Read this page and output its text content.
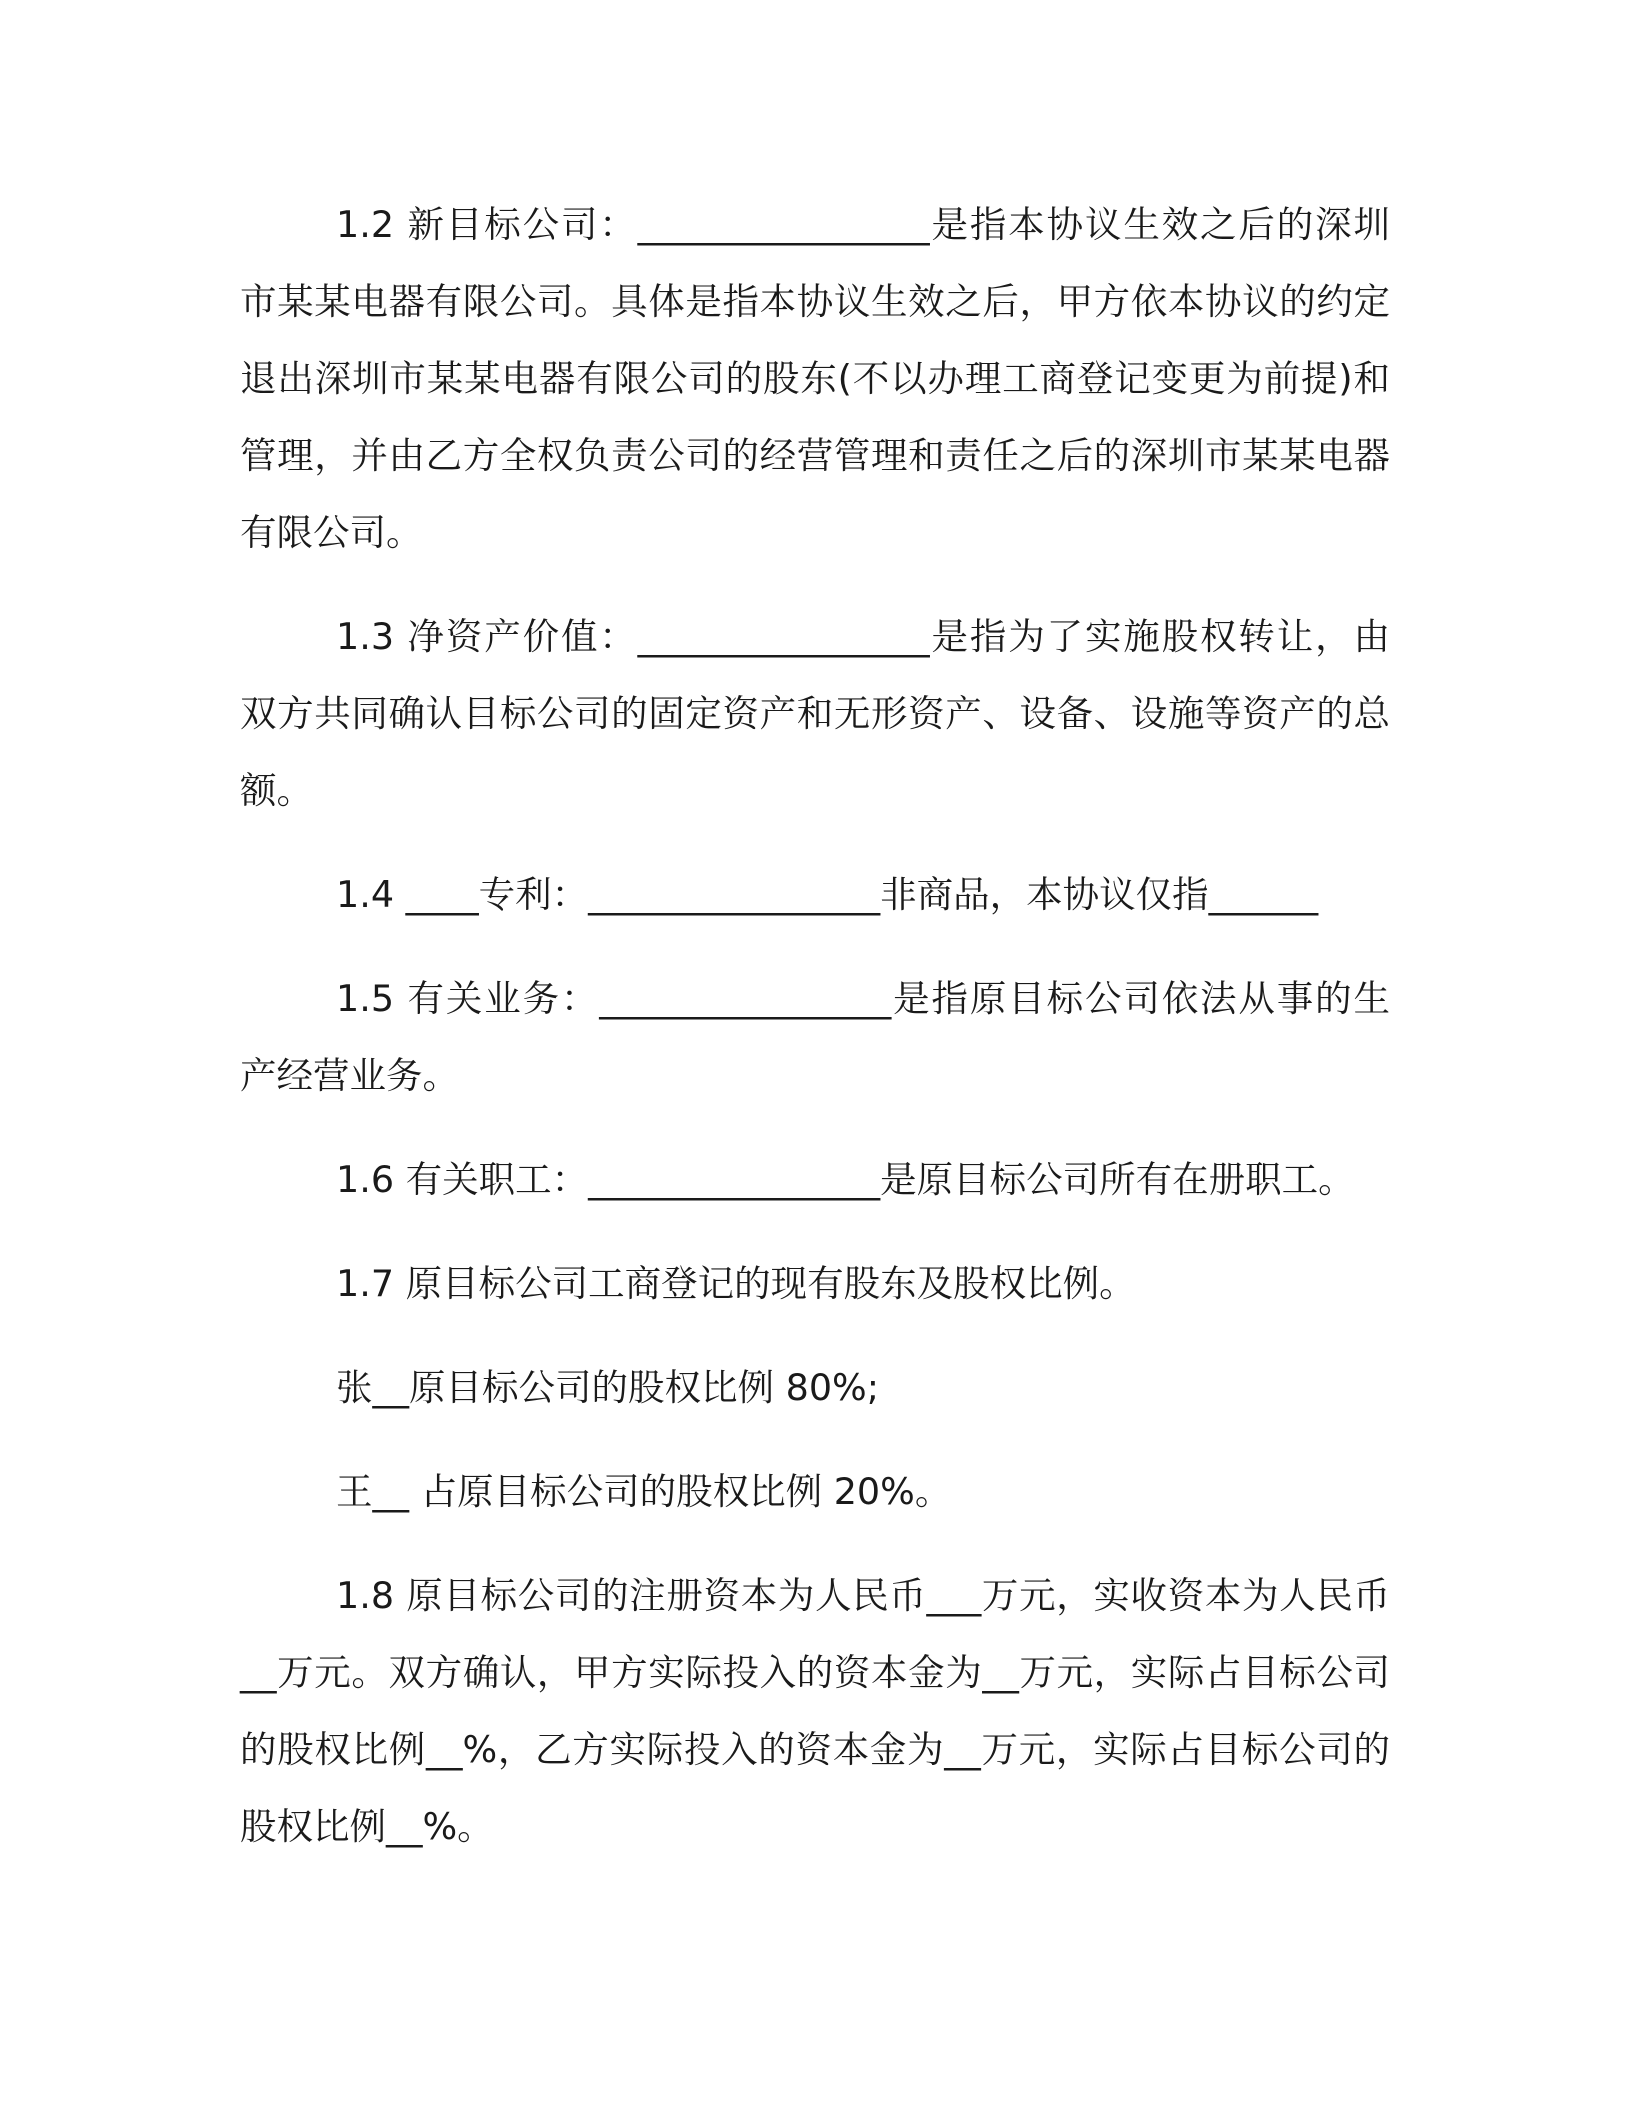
1.2 新目标公司：________________是指本协议生效之后的深圳市某某电器有限公司。具体是指本协议生效之后，甲方依本协议的约定退出深圳市某某电器有限公司的股东(不以办理工商登记变更为前提)和管理，并由乙方全权负责公司的经营管理和责任之后的深圳市某某电器有限公司。

1.3 净资产价值：________________是指为了实施股权转让，由双方共同确认目标公司的固定资产和无形资产、设备、设施等资产的总额。

1.4 ____专利：________________非商品，本协议仅指______

1.5 有关业务：________________是指原目标公司依法从事的生产经营业务。

1.6 有关职工：________________是原目标公司所有在册职工。

1.7 原目标公司工商登记的现有股东及股权比例。

张__原目标公司的股权比例 80%;

王__ 占原目标公司的股权比例 20%。

1.8 原目标公司的注册资本为人民币___万元，实收资本为人民币__万元。双方确认，甲方实际投入的资本金为__万元，实际占目标公司的股权比例__%，乙方实际投入的资本金为__万元，实际占目标公司的股权比例__%。
